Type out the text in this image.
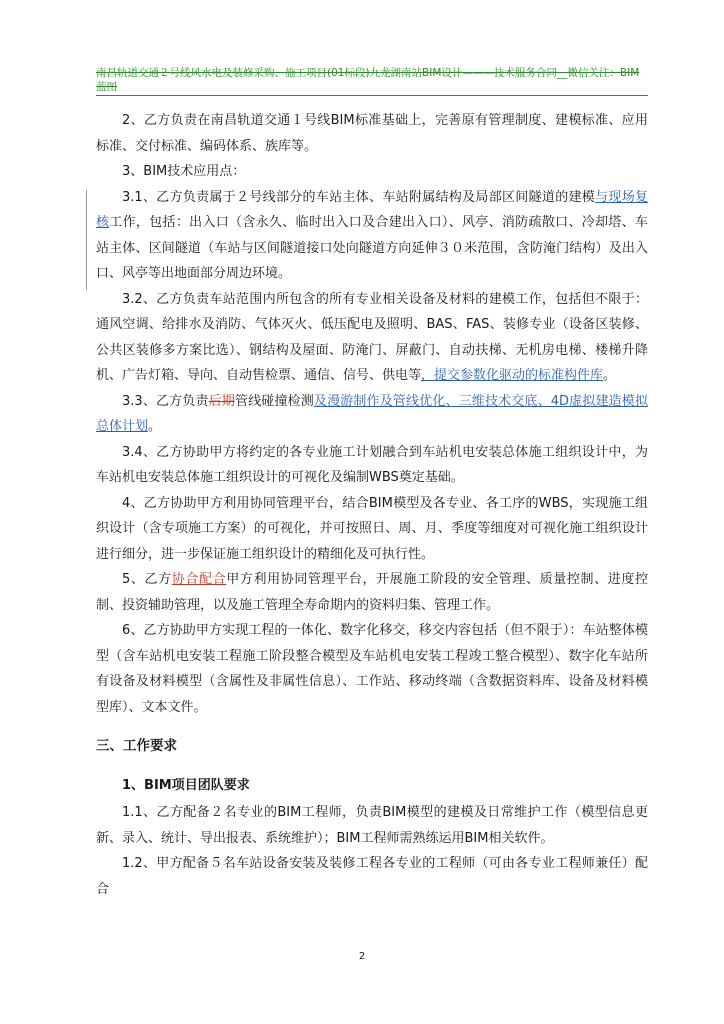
南昌轨道交通２号线风水电及装修采购、施工项目(01标段)九龙湖南站BIM设计———技术服务合同__微信关注：BIM蓝图

2、乙方负责在南昌轨道交通１号线BIM标准基础上，完善原有管理制度、建模标准、应用标准、交付标准、编码体系、族库等。

3、BIM技术应用点：

3.1、乙方负责属于２号线部分的车站主体、车站附属结构及局部区间隧道的建模与现场复核工作，包括：出入口（含永久、临时出入口及合建出入口）、风亭、消防疏散口、冷却塔、车站主体、区间隧道（车站与区间隧道接口处向隧道方向延伸３０米范围，含防淹门结构）及出入口、风亭等出地面部分周边环境。

3.2、乙方负责车站范围内所包含的所有专业相关设备及材料的建模工作，包括但不限于：通风空调、给排水及消防、气体灭火、低压配电及照明、BAS、FAS、装修专业（设备区装修、公共区装修多方案比选）、钢结构及屋面、防淹门、屏蔽门、自动扶梯、无机房电梯、楼梯升降机、广告灯箱、导向、自动售检票、通信、信号、供电等，提交参数化驱动的标准构件库。

3.3、乙方负责后期管线碰撞检测及漫游制作及管线优化、三维技术交底、4D虚拟建造模拟总体计划。

3.4、乙方协助甲方将约定的各专业施工计划融合到车站机电安装总体施工组织设计中，为车站机电安装总体施工组织设计的可视化及编制WBS奠定基础。

4、乙方协助甲方利用协同管理平台，结合BIM模型及各专业、各工序的WBS，实现施工组织设计（含专项施工方案）的可视化，并可按照日、周、月、季度等细度对可视化施工组织设计进行细分，进一步保证施工组织设计的精细化及可执行性。

5、乙方协合配合甲方利用协同管理平台，开展施工阶段的安全管理、质量控制、进度控制、投资辅助管理，以及施工管理全寿命期内的资料归集、管理工作。

6、乙方协助甲方实现工程的一体化、数字化移交，移交内容包括（但不限于）：车站整体模型（含车站机电安装工程施工阶段整合模型及车站机电安装工程竣工整合模型）、数字化车站所有设备及材料模型（含属性及非属性信息）、工作站、移动终端（含数据资料库、设备及材料模型库）、文本文件。

三、工作要求

1、BIM项目团队要求

1.1、乙方配备２名专业的BIM工程师，负责BIM模型的建模及日常维护工作（模型信息更新、录入、统计、导出报表、系统维护）；BIM工程师需熟练运用BIM相关软件。

1.2、甲方配备５名车站设备安装及装修工程各专业的工程师（可由各专业工程师兼任）配合

2
